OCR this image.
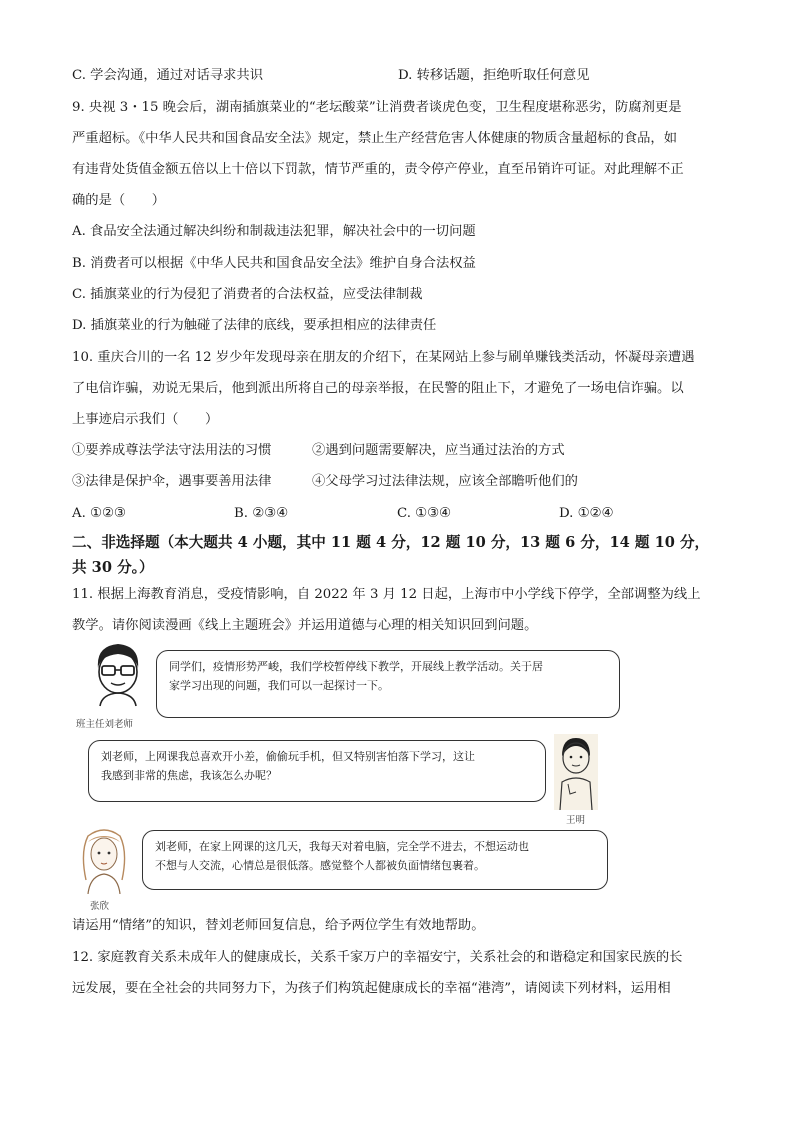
C. 学会沟通，通过对话寻求共识	D. 转移话题，拒绝听取任何意见
9. 央视 3・15 晚会后，湖南插旗菜业的“老坛酸菜”让消费者谈虎色变，卫生程度堪称恶劣，防腐剂更是
严重超标。《中华人民共和国食品安全法》规定，禁止生产经营危害人体健康的物质含量超标的食品，如
有违背处货值金额五倍以上十倍以下罚款，情节严重的，责令停产停业，直至吊销许可证。对此理解不正
确的是（　　）
A. 食品安全法通过解决纠纷和制裁违法犯罪，解决社会中的一切问题
B. 消费者可以根据《中华人民共和国食品安全法》维护自身合法权益
C. 插旗菜业的行为侵犯了消费者的合法权益，应受法律制裁
D. 插旗菜业的行为触碰了法律的底线，要承担相应的法律责任
10. 重庆合川的一名 12 岁少年发现母亲在朋友的介绍下，在某网站上参与刷单赚钱类活动，怀凝母亲遭遇
了电信诈骗，劝说无果后，他到派出所将自己的母亲举报，在民警的阻止下，才避免了一场电信诈骗。以
上事迹启示我们（　　）
①要养成尊法学法守法用法的习惯	②遇到问题需要解决，应当通过法治的方式
③法律是保护伞，遇事要善用法律	④父母学习过法律法规，应该全部瞻听他们的
A. ①②③	B. ②③④	C. ①③④	D. ①②④
二、非选择题（本大题共 4 小题，其中 11 题 4 分，12 题 10 分，13 题 6 分，14 题 10 分，
共 30 分。）
11. 根据上海教育消息，受疫情影响，自 2022 年 3 月 12 日起，上海市中小学线下停学，全部调整为线上
教学。请你阅读漫画《线上主题班会》并运用道德与心理的相关知识回到问题。
班主任刘老师
同学们，疫情形势严峻，我们学校暂停线下教学，开展线上教学活动。关于居
家学习出现的问题，我们可以一起探讨一下。
刘老师，上网课我总喜欢开小差，偷偷玩手机，但又特别害怕落下学习，这让
我感到非常的焦虑，我该怎么办呢？
王明
张欣
刘老师，在家上网课的这几天，我每天对着电脑，完全学不进去，不想运动也
不想与人交流，心情总是很低落。感觉整个人都被负面情绪包裹着。
请运用“情绪”的知识，替刘老师回复信息，给予两位学生有效地帮助。
12. 家庭教育关系未成年人的健康成长，关系千家万户的幸福安宁，关系社会的和谐稳定和国家民族的长
远发展，要在全社会的共同努力下，为孩子们构筑起健康成长的幸福“港湾”，请阅读下列材料，运用相
